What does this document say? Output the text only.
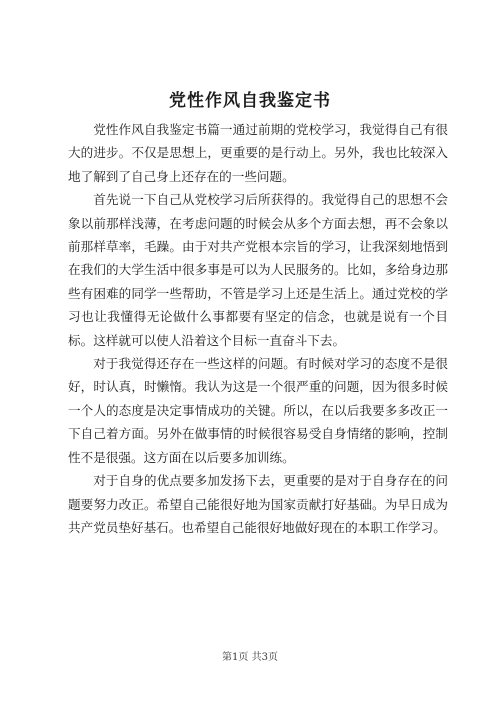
党性作风自我鉴定书

党性作风自我鉴定书篇一通过前期的党校学习，我觉得自己有很大的进步。不仅是思想上，更重要的是行动上。另外，我也比较深入地了解到了自己身上还存在的一些问题。

首先说一下自己从党校学习后所获得的。我觉得自己的思想不会象以前那样浅薄，在考虑问题的时候会从多个方面去想，再不会象以前那样草率，毛躁。由于对共产党根本宗旨的学习，让我深刻地悟到在我们的大学生活中很多事是可以为人民服务的。比如，多给身边那些有困难的同学一些帮助，不管是学习上还是生活上。通过党校的学习也让我懂得无论做什么事都要有坚定的信念，也就是说有一个目标。这样就可以使人沿着这个目标一直奋斗下去。

对于我觉得还存在一些这样的问题。有时候对学习的态度不是很好，时认真，时懒惰。我认为这是一个很严重的问题，因为很多时候一个人的态度是决定事情成功的关键。所以，在以后我要多多改正一下自己着方面。另外在做事情的时候很容易受自身情绪的影响，控制性不是很强。这方面在以后要多加训练。

对于自身的优点要多加发扬下去，更重要的是对于自身存在的问题要努力改正。希望自己能很好地为国家贡献打好基础。为早日成为共产党员垫好基石。也希望自己能很好地做好现在的本职工作学习。

第1页 共3页
